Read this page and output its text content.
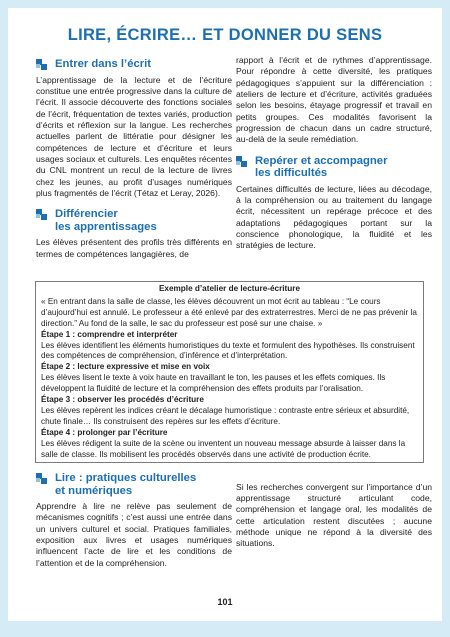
LIRE, ÉCRIRE… ET DONNER DU SENS
Entrer dans l’écrit

L’apprentissage de la lecture et de l’écriture constitue une entrée progressive dans la culture de l’écrit. Il associe découverte des fonctions sociales de l’écrit, fréquentation de textes variés, production d’écrits et réflexion sur la langue. Les recherches actuelles parlent de littératie pour désigner les compétences de lecture et d’écriture et leurs usages sociaux et culturels. Les enquêtes récentes du CNL montrent un recul de la lecture de livres chez les jeunes, au profit d’usages numériques plus fragmentés de l’écrit (Tétaz et Leray, 2026).

Différencier
les apprentissages

Les élèves présentent des profils très différents en termes de compétences langagières, de

rapport à l’écrit et de rythmes d’apprentissage. Pour répondre à cette diversité, les pratiques pédagogiques s’appuient sur la différenciation : ateliers de lecture et d’écriture, activités graduées selon les besoins, étayage progressif et travail en petits groupes. Ces modalités favorisent la progression de chacun dans un cadre structuré, au-delà de la seule remédiation.

Repérer et accompagner
les difficultés

Certaines difficultés de lecture, liées au décodage, à la compréhension ou au traitement du langage écrit, nécessitent un repérage précoce et des adaptations pédagogiques portant sur la conscience phonologique, la fluidité et les stratégies de lecture.

Exemple d’atelier de lecture-écriture

« En entrant dans la salle de classe, les élèves découvrent un mot écrit au tableau : “Le cours d’aujourd’hui est annulé. Le professeur a été enlevé par des extraterrestres. Merci de ne pas prévenir la direction.” Au fond de la salle, le sac du professeur est posé sur une chaise. »

Étape 1 : comprendre et interpréter

Les élèves identifient les éléments humoristiques du texte et formulent des hypothèses. Ils construisent des compétences de compréhension, d’inférence et d’interprétation.

Étape 2 : lecture expressive et mise en voix

Les élèves lisent le texte à voix haute en travaillant le ton, les pauses et les effets comiques. Ils développent la fluidité de lecture et la compréhension des effets produits par l’oralisation.

Étape 3 : observer les procédés d’écriture

Les élèves repèrent les indices créant le décalage humoristique : contraste entre sérieux et absurdité, chute finale… Ils construisent des repères sur les effets d’écriture.

Étape 4 : prolonger par l’écriture

Les élèves rédigent la suite de la scène ou inventent un nouveau message absurde à laisser dans la salle de classe. Ils mobilisent les procédés observés dans une activité de production écrite.

Lire : pratiques culturelles
et numériques

Apprendre à lire ne relève pas seulement de mécanismes cognitifs ; c’est aussi une entrée dans un univers culturel et social. Pratiques familiales, exposition aux livres et usages numériques influencent l’acte de lire et les conditions de l’attention et de la compréhension.

Si les recherches convergent sur l’importance d’un apprentissage structuré articulant code, compréhension et langage oral, les modalités de cette articulation restent discutées ; aucune méthode unique ne répond à la diversité des situations.

101
